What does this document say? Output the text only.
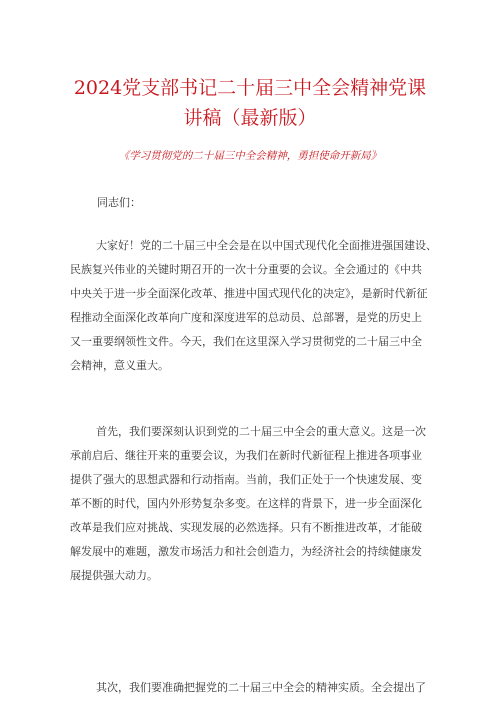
2024党支部书记二十届三中全会精神党课
讲稿（最新版）

《学习贯彻党的二十届三中全会精神，勇担使命开新局》

同志们：

大家好！党的二十届三中全会是在以中国式现代化全面推进强国建设、
民族复兴伟业的关键时期召开的一次十分重要的会议。全会通过的《中共
中央关于进一步全面深化改革、推进中国式现代化的决定》，是新时代新征
程推动全面深化改革向广度和深度进军的总动员、总部署，是党的历史上
又一重要纲领性文件。今天，我们在这里深入学习贯彻党的二十届三中全
会精神，意义重大。
首先，我们要深刻认识到党的二十届三中全会的重大意义。这是一次
承前启后、继往开来的重要会议，为我们在新时代新征程上推进各项事业
提供了强大的思想武器和行动指南。当前，我们正处于一个快速发展、变
革不断的时代，国内外形势复杂多变。在这样的背景下，进一步全面深化
改革是我们应对挑战、实现发展的必然选择。只有不断推进改革，才能破
解发展中的难题，激发市场活力和社会创造力，为经济社会的持续健康发
展提供强大动力。
其次，我们要准确把握党的二十届三中全会的精神实质。全会提出了
